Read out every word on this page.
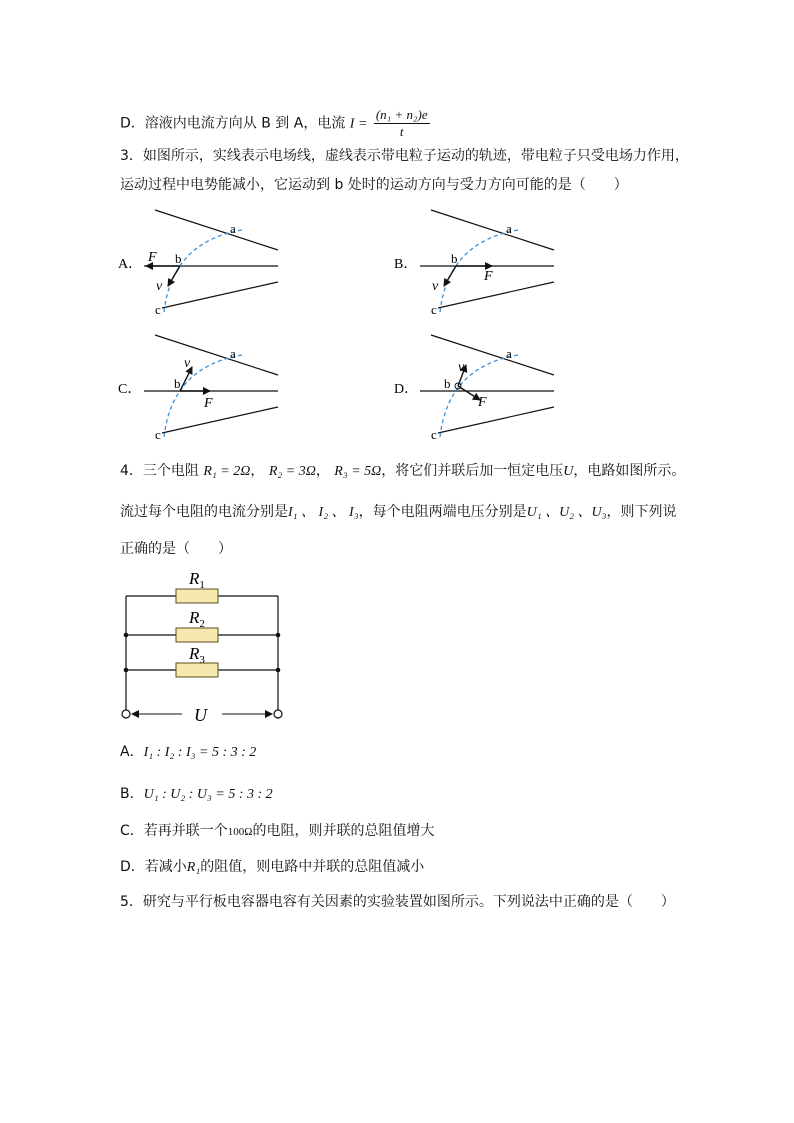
D．溶液内电流方向从 B 到 A，电流 $I = \frac{\text{(n₁ + n₂)e}}{t}$
3．如图所示，实线表示电场线，虚线表示带电粒子运动的轨迹，带电粒子只受电场力作用，
运动过程中电势能减小，它运动到 b 处时的运动方向与受力方向可能的是（　　）
A． F
v
a
b
c
B．
F
v
a
b
c
C．
F
v
a
b
c
D．
F
v
a
b
c
4．三个电阻 R₁ = 2Ω， R₂ = 3Ω， R₃ = 5Ω，将它们并联后加一恒定电压U，电路如图所示。
流过每个电阻的电流分别是I₁ 、 I₂ 、 I₃，每个电阻两端电压分别是U₁ 、U₂ 、U₃，则下列说
正确的是（　　）
$R_1$
$R_2$
$R_3$
U
A．I₁ : I₂ : I₃ = 5 : 3 : 2
B．U₁ : U₂ : U₃ = 5 : 3 : 2
C．若再并联一个100Ω的电阻，则并联的总阻值增大
D．若减小R₁的阻值，则电路中并联的总阻值减小
5．研究与平行板电容器电容有关因素的实验装置如图所示。下列说法中正确的是（　　）
